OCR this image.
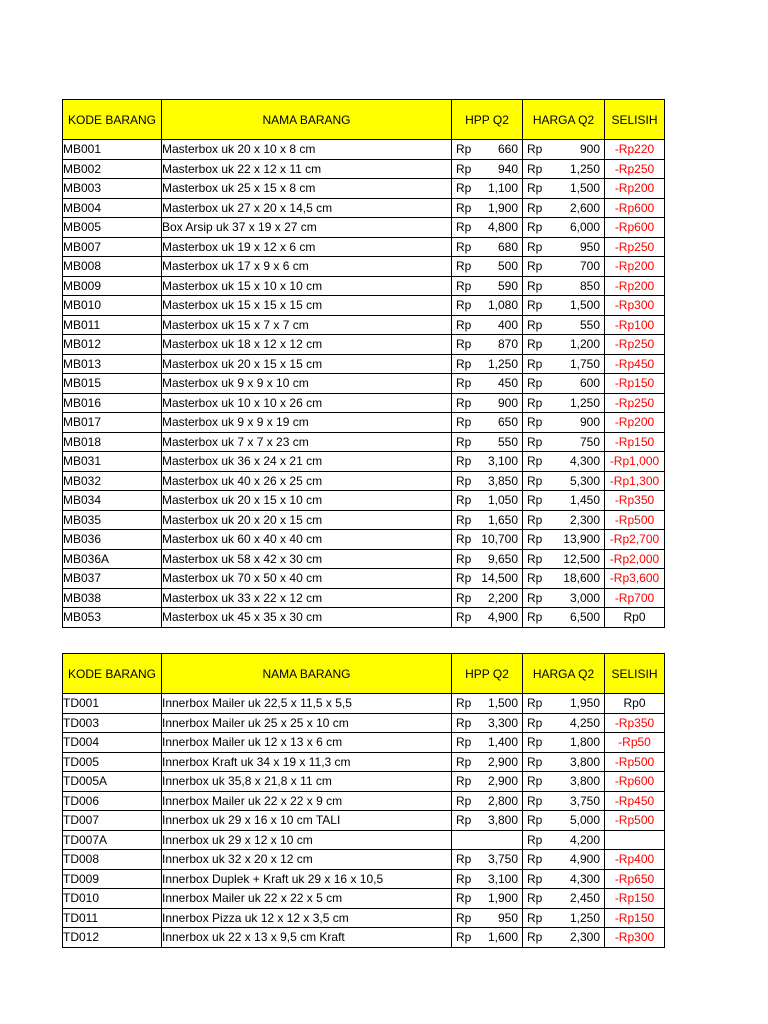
KODE BARANG	NAMA BARANG	HPP Q2	HARGA Q2	SELISIH
MB001	Masterbox uk 20 x 10 x 8 cm	Rp 660	Rp 900	-Rp220
MB002	Masterbox uk 22 x 12 x 11 cm	Rp 940	Rp 1,250	-Rp250
MB003	Masterbox uk 25 x 15 x 8 cm	Rp 1,100	Rp 1,500	-Rp200
MB004	Masterbox uk 27 x 20 x 14,5 cm	Rp 1,900	Rp 2,600	-Rp600
MB005	Box Arsip uk 37 x 19 x 27 cm	Rp 4,800	Rp 6,000	-Rp600
MB007	Masterbox uk 19 x 12 x 6 cm	Rp 680	Rp 950	-Rp250
MB008	Masterbox uk 17 x 9 x 6 cm	Rp 500	Rp 700	-Rp200
MB009	Masterbox uk 15 x 10 x 10 cm	Rp 590	Rp 850	-Rp200
MB010	Masterbox uk 15 x 15 x 15 cm	Rp 1,080	Rp 1,500	-Rp300
MB011	Masterbox uk 15 x 7 x 7 cm	Rp 400	Rp 550	-Rp100
MB012	Masterbox uk 18 x 12 x 12 cm	Rp 870	Rp 1,200	-Rp250
MB013	Masterbox uk 20 x 15 x 15 cm	Rp 1,250	Rp 1,750	-Rp450
MB015	Masterbox uk 9 x 9 x 10 cm	Rp 450	Rp 600	-Rp150
MB016	Masterbox uk 10 x 10 x 26 cm	Rp 900	Rp 1,250	-Rp250
MB017	Masterbox uk 9 x 9 x 19 cm	Rp 650	Rp 900	-Rp200
MB018	Masterbox uk 7 x 7 x 23 cm	Rp 550	Rp 750	-Rp150
MB031	Masterbox uk 36 x 24 x 21 cm	Rp 3,100	Rp 4,300	-Rp1,000
MB032	Masterbox uk 40 x 26 x 25 cm	Rp 3,850	Rp 5,300	-Rp1,300
MB034	Masterbox uk 20 x 15 x 10 cm	Rp 1,050	Rp 1,450	-Rp350
MB035	Masterbox uk 20 x 20 x 15 cm	Rp 1,650	Rp 2,300	-Rp500
MB036	Masterbox uk 60 x 40 x 40 cm	Rp 10,700	Rp 13,900	-Rp2,700
MB036A	Masterbox uk 58 x 42 x 30 cm	Rp 9,650	Rp 12,500	-Rp2,000
MB037	Masterbox uk 70 x 50 x 40 cm	Rp 14,500	Rp 18,600	-Rp3,600
MB038	Masterbox uk 33 x 22 x 12 cm	Rp 2,200	Rp 3,000	-Rp700
MB053	Masterbox uk 45 x 35 x 30 cm	Rp 4,900	Rp 6,500	Rp0
KODE BARANG	NAMA BARANG	HPP Q2	HARGA Q2	SELISIH
TD001	Innerbox Mailer uk 22,5 x 11,5 x 5,5	Rp 1,500	Rp 1,950	Rp0
TD003	Innerbox Mailer uk 25 x 25 x 10 cm	Rp 3,300	Rp 4,250	-Rp350
TD004	Innerbox Mailer uk 12 x 13 x 6 cm	Rp 1,400	Rp 1,800	-Rp50
TD005	Innerbox Kraft uk 34 x 19 x 11,3 cm	Rp 2,900	Rp 3,800	-Rp500
TD005A	Innerbox uk 35,8 x 21,8 x 11 cm	Rp 2,900	Rp 3,800	-Rp600
TD006	Innerbox Mailer uk 22 x 22 x 9 cm	Rp 2,800	Rp 3,750	-Rp450
TD007	Innerbox uk 29 x 16 x 10 cm TALI	Rp 3,800	Rp 5,000	-Rp500
TD007A	Innerbox uk 29 x 12 x 10 cm		Rp 4,200	

TD008	Innerbox uk 32 x 20 x 12 cm	Rp 3,750	Rp 4,900	-Rp400
TD009	Innerbox Duplek + Kraft uk 29 x 16 x 10,5	Rp 3,100	Rp 4,300	-Rp650
TD010	Innerbox Mailer uk 22 x 22 x 5 cm	Rp 1,900	Rp 2,450	-Rp150
TD011	Innerbox Pizza uk 12 x 12 x 3,5 cm	Rp 950	Rp 1,250	-Rp150
TD012	Innerbox uk 22 x 13 x 9,5 cm Kraft	Rp 1,600	Rp 2,300	-Rp300
